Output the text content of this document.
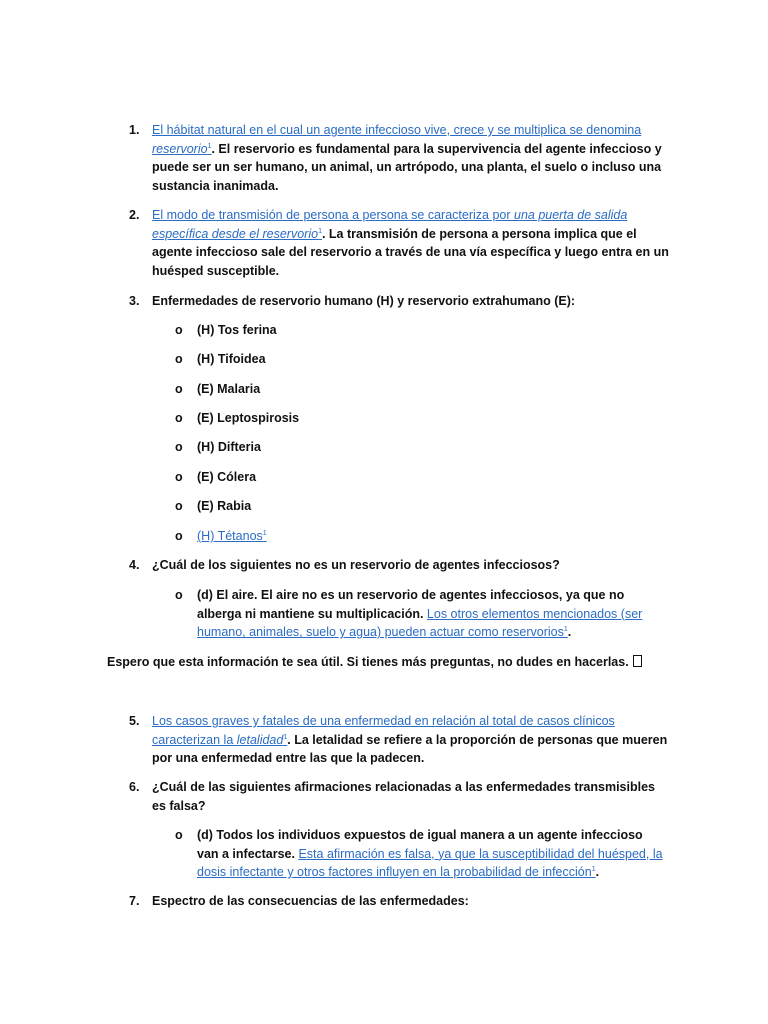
1.	El hábitat natural en el cual un agente infeccioso vive, crece y se multiplica se denomina reservorio$^1$. El reservorio es fundamental para la supervivencia del agente infeccioso y puede ser un ser humano, un animal, un artrópodo, una planta, el suelo o incluso una sustancia inanimada.
2.	El modo de transmisión de persona a persona se caracteriza por una puerta de salida específica desde el reservorio$^1$. La transmisión de persona a persona implica que el agente infeccioso sale del reservorio a través de una vía específica y luego entra en un huésped susceptible.
3.	Enfermedades de reservorio humano (H) y reservorio extrahumano (E):
o (H) Tos ferina
o (H) Tifoidea
o (E) Malaria
o (E) Leptospirosis
o (H) Difteria
o (E) Cólera
o (E) Rabia
o (H) Tétanos$^1$
4.	¿Cuál de los siguientes no es un reservorio de agentes infecciosos?
o (d) El aire. El aire no es un reservorio de agentes infecciosos, ya que no alberga ni mantiene su multiplicación. Los otros elementos mencionados (ser humano, animales, suelo y agua) pueden actuar como reservorios$^1$.
Espero que esta información te sea útil. Si tienes más preguntas, no dudes en hacerlas.
5.	Los casos graves y fatales de una enfermedad en relación al total de casos clínicos caracterizan la letalidad$^1$. La letalidad se refiere a la proporción de personas que mueren por una enfermedad entre las que la padecen.
6.	¿Cuál de las siguientes afirmaciones relacionadas a las enfermedades transmisibles es falsa?
o (d) Todos los individuos expuestos de igual manera a un agente infeccioso van a infectarse. Esta afirmación es falsa, ya que la susceptibilidad del huésped, la dosis infectante y otros factores influyen en la probabilidad de infección$^1$.
7.	Espectro de las consecuencias de las enfermedades:
